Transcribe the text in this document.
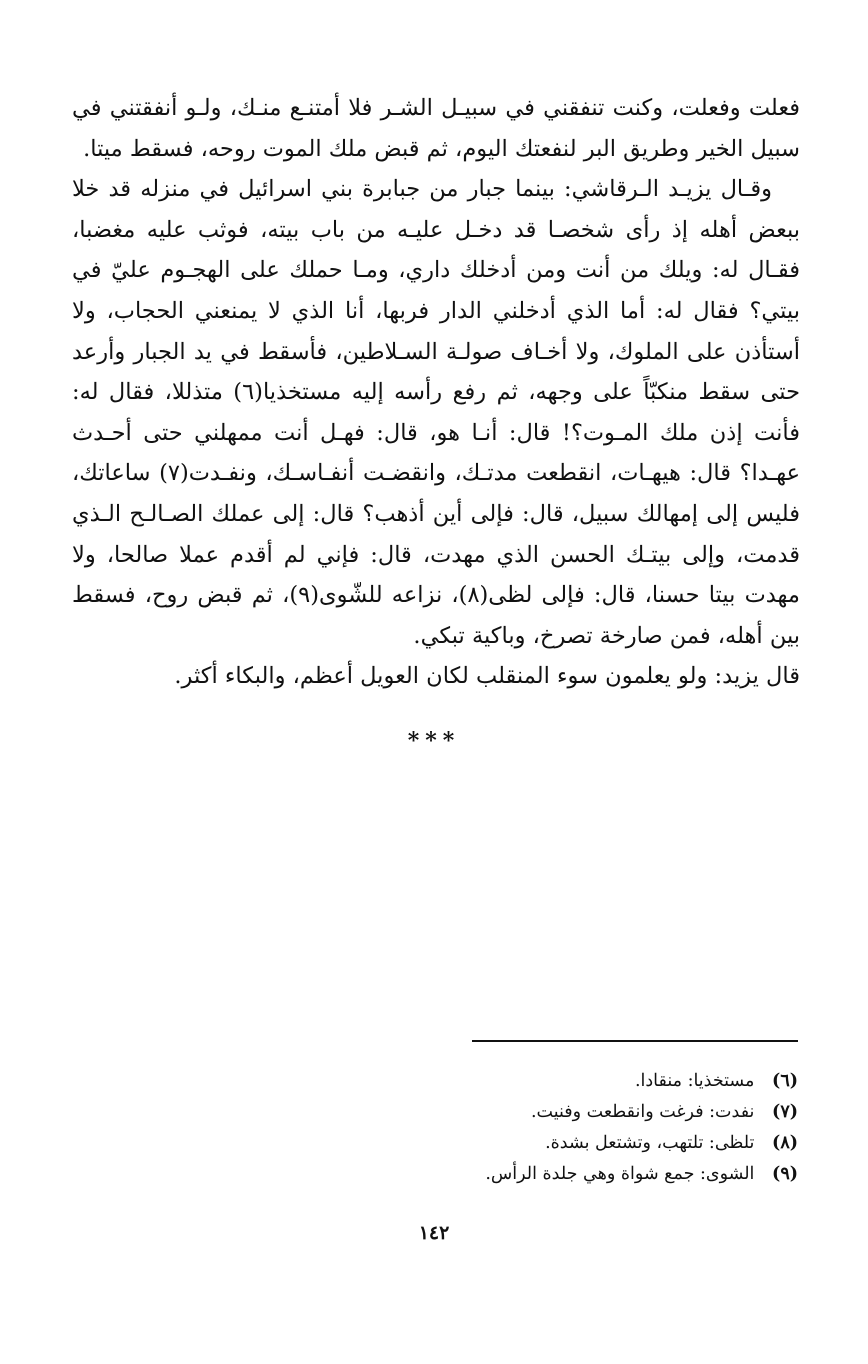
فعلت وفعلت، وكنت تنفقني في سبيـل الشـر فلا أمتنـع منـك، ولـو أنفقتني في سبيل الخير وطريق البر لنفعتك اليوم، ثم قبض ملك الموت روحه، فسقط ميتا.

وقـال يزيـد الـرقاشي: بينما جبار من جبابرة بني اسرائيل في منزله قد خلا ببعض أهله إذ رأى شخصـا قد دخـل عليـه من باب بيته، فوثب عليه مغضبا، فقـال له: ويلك من أنت ومن أدخلك داري، ومـا حملك على الهجـوم عليّ في بيتي؟ فقال له: أما الذي أدخلني الدار فربها، أنا الذي لا يمنعني الحجاب، ولا أستأذن على الملوك، ولا أخـاف صولـة السـلاطين، فأسقط في يد الجبار وأرعد حتى سقط منكبّاً على وجهه، ثم رفع رأسه إليه مستخذيا(٦) متذللا، فقال له: فأنت إذن ملك المـوت؟! قال: أنـا هو، قال: فهـل أنت ممهلني حتى أحـدث عهـدا؟ قال: هيهـات، انقطعت مدتـك، وانقضـت أنفـاسـك، ونفـدت(٧) ساعاتك، فليس إلى إمهالك سبيل، قال: فإلى أين أذهب؟ قال: إلى عملك الصـالـح الـذي قدمت، وإلى بيتـك الحسن الذي مهدت، قال: فإني لم أقدم عملا صالحا، ولا مهدت بيتا حسنا، قال: فإلى لظى(٨)، نزاعه للشّوى(٩)، ثم قبض روح، فسقط بين أهله، فمن صارخة تصرخ، وباكية تبكي.

قال يزيد: ولو يعلمون سوء المنقلب لكان العويل أعظم، والبكاء أكثر.

***
(٦) مستخذيا: منقادا.
(٧) نفدت: فرغت وانقطعت وفنيت.
(٨) تلظى: تلتهب، وتشتعل بشدة.
(٩) الشوى: جمع شواة وهي جلدة الرأس.
١٤٢
